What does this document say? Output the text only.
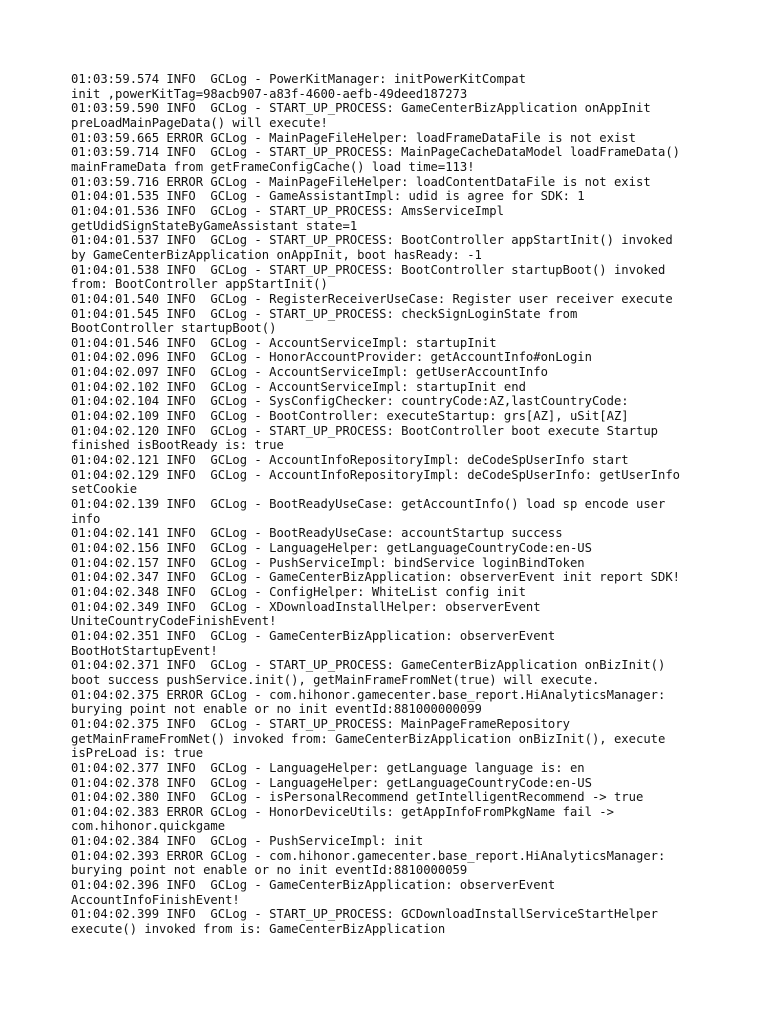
01:03:59.574 INFO  GCLog - PowerKitManager: initPowerKitCompat
init ,powerKitTag=98acb907-a83f-4600-aefb-49deed187273
01:03:59.590 INFO  GCLog - START_UP_PROCESS: GameCenterBizApplication onAppInit
preLoadMainPageData() will execute!
01:03:59.665 ERROR GCLog - MainPageFileHelper: loadFrameDataFile is not exist
01:03:59.714 INFO  GCLog - START_UP_PROCESS: MainPageCacheDataModel loadFrameData()
mainFrameData from getFrameConfigCache() load time=113!
01:03:59.716 ERROR GCLog - MainPageFileHelper: loadContentDataFile is not exist
01:04:01.535 INFO  GCLog - GameAssistantImpl: udid is agree for SDK: 1
01:04:01.536 INFO  GCLog - START_UP_PROCESS: AmsServiceImpl
getUdidSignStateByGameAssistant state=1
01:04:01.537 INFO  GCLog - START_UP_PROCESS: BootController appStartInit() invoked
by GameCenterBizApplication onAppInit, boot hasReady: -1
01:04:01.538 INFO  GCLog - START_UP_PROCESS: BootController startupBoot() invoked
from: BootController appStartInit()
01:04:01.540 INFO  GCLog - RegisterReceiverUseCase: Register user receiver execute
01:04:01.545 INFO  GCLog - START_UP_PROCESS: checkSignLoginState from
BootController startupBoot()
01:04:01.546 INFO  GCLog - AccountServiceImpl: startupInit
01:04:02.096 INFO  GCLog - HonorAccountProvider: getAccountInfo#onLogin
01:04:02.097 INFO  GCLog - AccountServiceImpl: getUserAccountInfo
01:04:02.102 INFO  GCLog - AccountServiceImpl: startupInit end
01:04:02.104 INFO  GCLog - SysConfigChecker: countryCode:AZ,lastCountryCode:
01:04:02.109 INFO  GCLog - BootController: executeStartup: grs[AZ], uSit[AZ]
01:04:02.120 INFO  GCLog - START_UP_PROCESS: BootController boot execute Startup
finished isBootReady is: true
01:04:02.121 INFO  GCLog - AccountInfoRepositoryImpl: deCodeSpUserInfo start
01:04:02.129 INFO  GCLog - AccountInfoRepositoryImpl: deCodeSpUserInfo: getUserInfo
setCookie
01:04:02.139 INFO  GCLog - BootReadyUseCase: getAccountInfo() load sp encode user
info
01:04:02.141 INFO  GCLog - BootReadyUseCase: accountStartup success
01:04:02.156 INFO  GCLog - LanguageHelper: getLanguageCountryCode:en-US
01:04:02.157 INFO  GCLog - PushServiceImpl: bindService loginBindToken
01:04:02.347 INFO  GCLog - GameCenterBizApplication: observerEvent init report SDK!
01:04:02.348 INFO  GCLog - ConfigHelper: WhiteList config init
01:04:02.349 INFO  GCLog - XDownloadInstallHelper: observerEvent
UniteCountryCodeFinishEvent!
01:04:02.351 INFO  GCLog - GameCenterBizApplication: observerEvent
BootHotStartupEvent!
01:04:02.371 INFO  GCLog - START_UP_PROCESS: GameCenterBizApplication onBizInit()
boot success pushService.init(), getMainFrameFromNet(true) will execute.
01:04:02.375 ERROR GCLog - com.hihonor.gamecenter.base_report.HiAnalyticsManager:
burying point not enable or no init eventId:881000000099
01:04:02.375 INFO  GCLog - START_UP_PROCESS: MainPageFrameRepository
getMainFrameFromNet() invoked from: GameCenterBizApplication onBizInit(), execute
isPreLoad is: true
01:04:02.377 INFO  GCLog - LanguageHelper: getLanguage language is: en
01:04:02.378 INFO  GCLog - LanguageHelper: getLanguageCountryCode:en-US
01:04:02.380 INFO  GCLog - isPersonalRecommend getIntelligentRecommend -> true
01:04:02.383 ERROR GCLog - HonorDeviceUtils: getAppInfoFromPkgName fail ->
com.hihonor.quickgame
01:04:02.384 INFO  GCLog - PushServiceImpl: init
01:04:02.393 ERROR GCLog - com.hihonor.gamecenter.base_report.HiAnalyticsManager:
burying point not enable or no init eventId:8810000059
01:04:02.396 INFO  GCLog - GameCenterBizApplication: observerEvent
AccountInfoFinishEvent!
01:04:02.399 INFO  GCLog - START_UP_PROCESS: GCDownloadInstallServiceStartHelper
execute() invoked from is: GameCenterBizApplication
